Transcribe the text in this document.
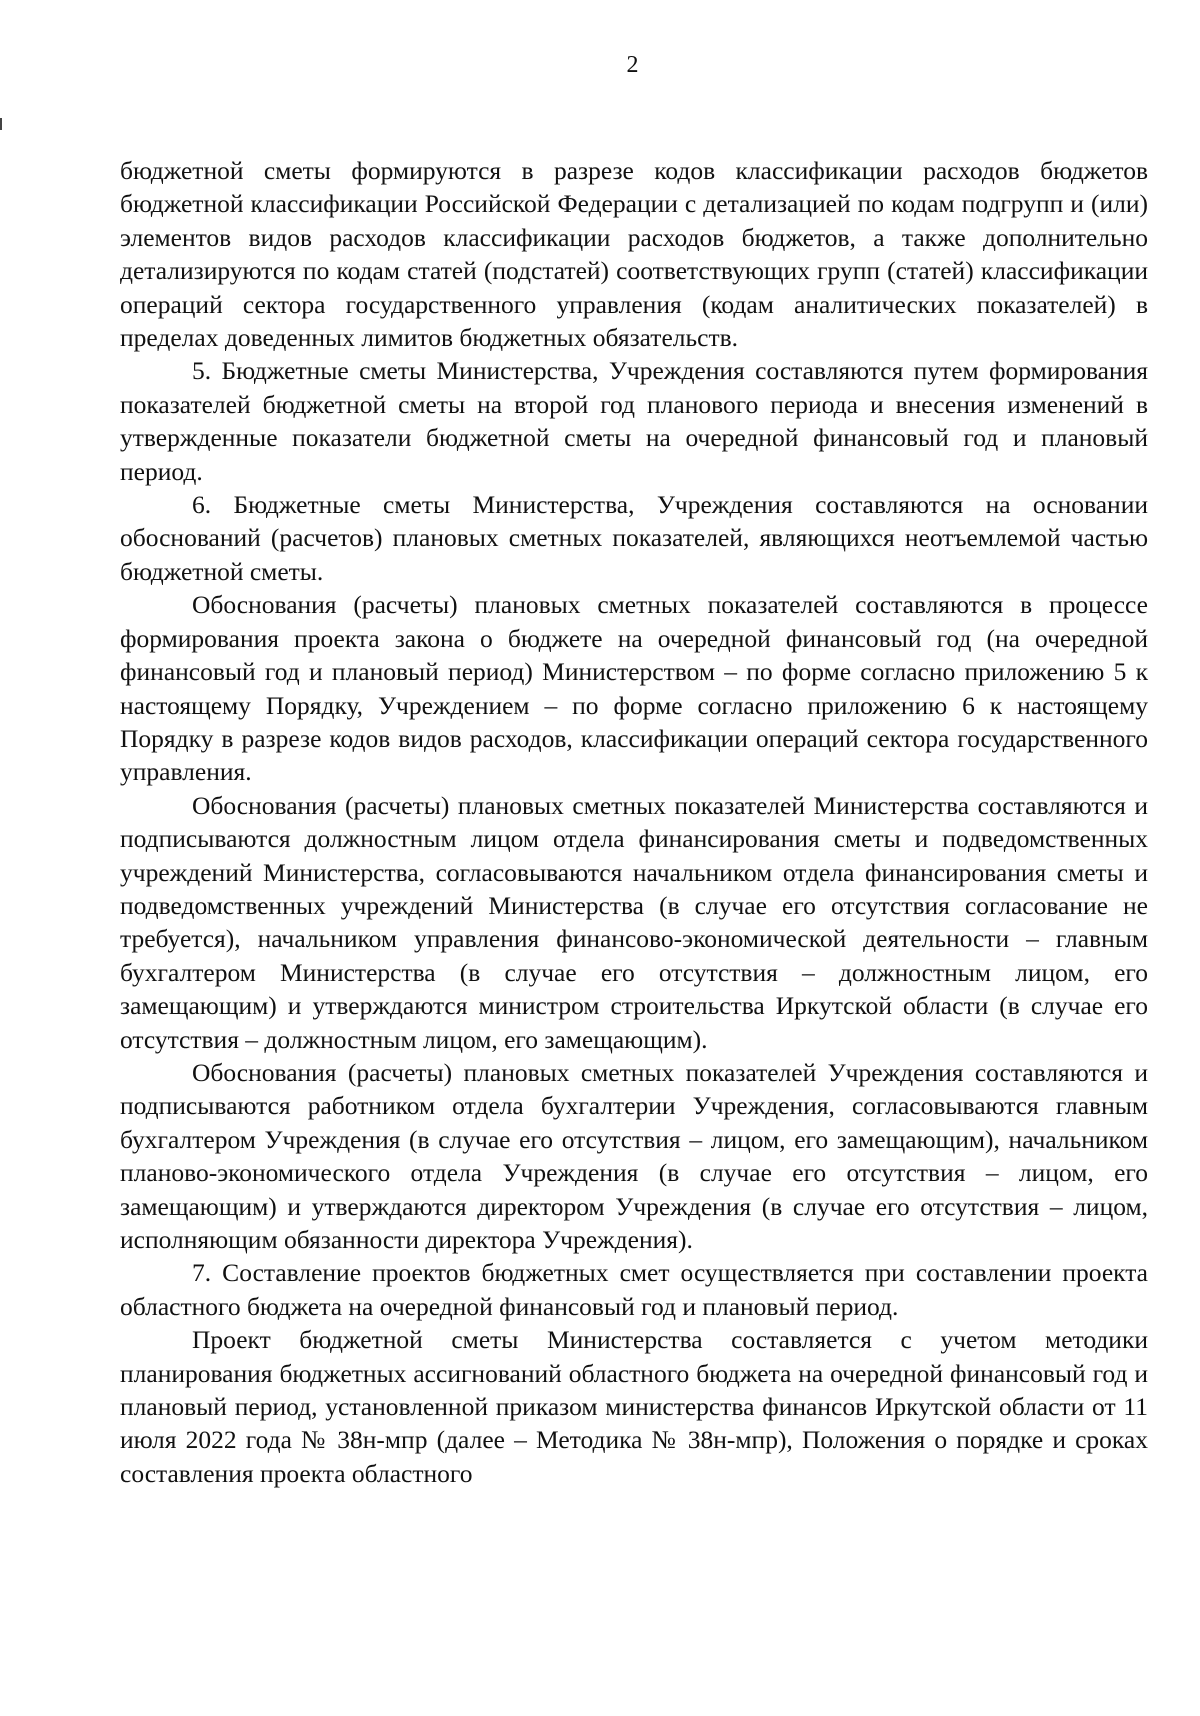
2

бюджетной сметы формируются в разрезе кодов классификации расходов бюджетов бюджетной классификации Российской Федерации с детализацией по кодам подгрупп и (или) элементов видов расходов классификации расходов бюджетов, а также дополнительно детализируются по кодам статей (подстатей) соответствующих групп (статей) классификации операций сектора государственного управления (кодам аналитических показателей) в пределах доведенных лимитов бюджетных обязательств.

5. Бюджетные сметы Министерства, Учреждения составляются путем формирования показателей бюджетной сметы на второй год планового периода и внесения изменений в утвержденные показатели бюджетной сметы на очередной финансовый год и плановый период.

6. Бюджетные сметы Министерства, Учреждения составляются на основании обоснований (расчетов) плановых сметных показателей, являющихся неотъемлемой частью бюджетной сметы.

Обоснования (расчеты) плановых сметных показателей составляются в процессе формирования проекта закона о бюджете на очередной финансовый год (на очередной финансовый год и плановый период) Министерством – по форме согласно приложению 5 к настоящему Порядку, Учреждением – по форме согласно приложению 6 к настоящему Порядку в разрезе кодов видов расходов, классификации операций сектора государственного управления.

Обоснования (расчеты) плановых сметных показателей Министерства составляются и подписываются должностным лицом отдела финансирования сметы и подведомственных учреждений Министерства, согласовываются начальником отдела финансирования сметы и подведомственных учреждений Министерства (в случае его отсутствия согласование не требуется), начальником управления финансово-экономической деятельности – главным бухгалтером Министерства (в случае его отсутствия – должностным лицом, его замещающим) и утверждаются министром строительства Иркутской области (в случае его отсутствия – должностным лицом, его замещающим).

Обоснования (расчеты) плановых сметных показателей Учреждения составляются и подписываются работником отдела бухгалтерии Учреждения, согласовываются главным бухгалтером Учреждения (в случае его отсутствия – лицом, его замещающим), начальником планово-экономического отдела Учреждения (в случае его отсутствия – лицом, его замещающим) и утверждаются директором Учреждения (в случае его отсутствия – лицом, исполняющим обязанности директора Учреждения).

7. Составление проектов бюджетных смет осуществляется при составлении проекта областного бюджета на очередной финансовый год и плановый период.

Проект бюджетной сметы Министерства составляется с учетом методики планирования бюджетных ассигнований областного бюджета на очередной финансовый год и плановый период, установленной приказом министерства финансов Иркутской области от 11 июля 2022 года № 38н-мпр (далее – Методика № 38н-мпр), Положения о порядке и сроках составления проекта областного
